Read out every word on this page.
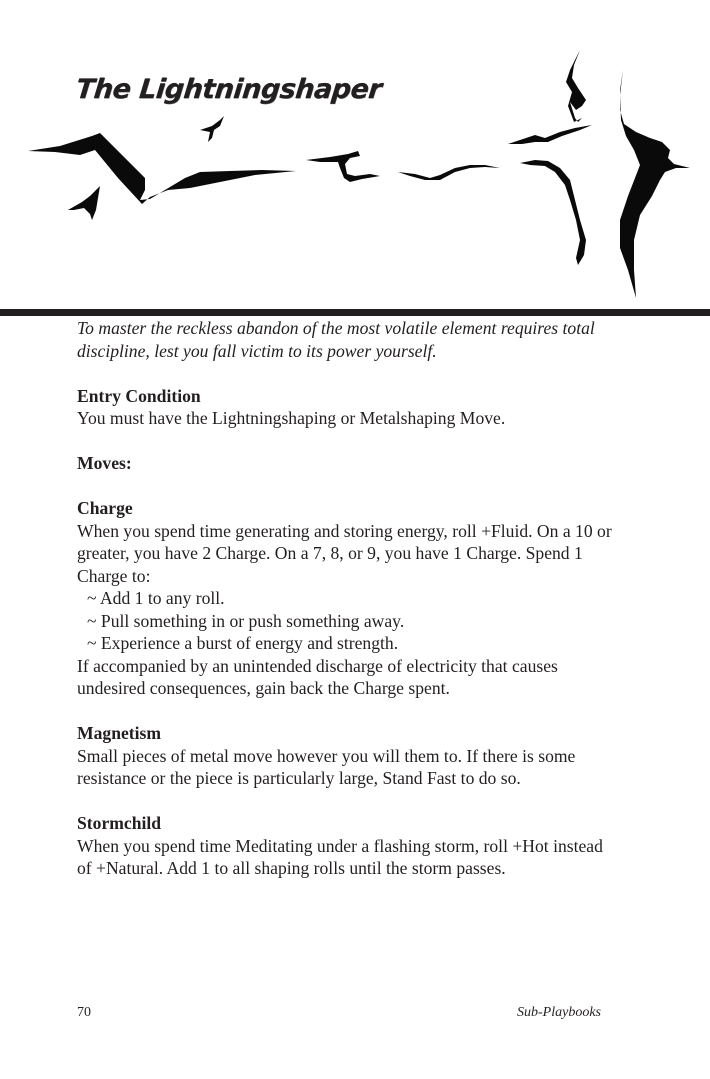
The Lightningshaper

To master the reckless abandon of the most volatile element requires total discipline, lest you fall victim to its power yourself.

Entry Condition

You must have the Lightningshaping or Metalshaping Move.

Moves:

Charge

When you spend time generating and storing energy, roll +Fluid. On a 10 or greater, you have 2 Charge. On a 7, 8, or 9, you have 1 Charge. Spend 1 Charge to:

~ Add 1 to any roll.

~ Pull something in or push something away.

~ Experience a burst of energy and strength.

If accompanied by an unintended discharge of electricity that causes undesired consequences, gain back the Charge spent.

Magnetism

Small pieces of metal move however you will them to. If there is some resistance or the piece is particularly large, Stand Fast to do so.

Stormchild

When you spend time Meditating under a flashing storm, roll +Hot instead of +Natural. Add 1 to all shaping rolls until the storm passes.

70	Sub-Playbooks
